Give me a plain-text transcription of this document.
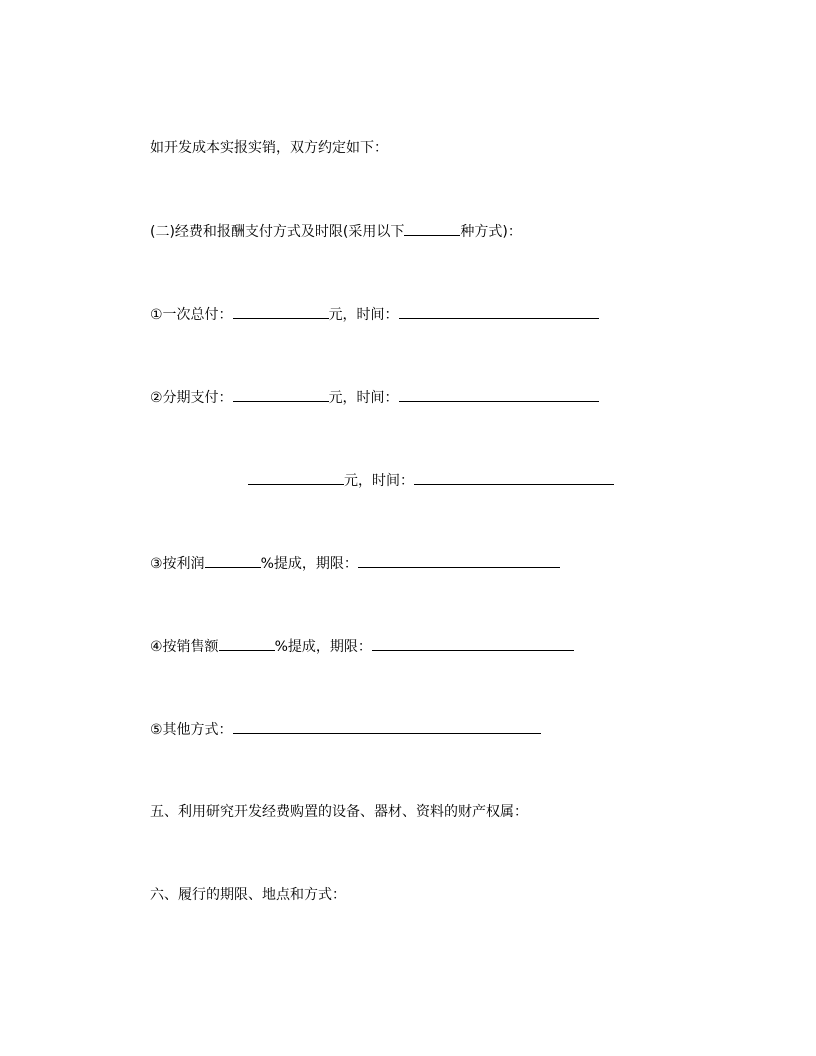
如开发成本实报实销，双方约定如下：
(二)经费和报酬支付方式及时限(采用以下	种方式)：
①一次总付：	元，时间：
②分期支付：	元，时间：
元，时间：
③按利润	%提成，期限：
④按销售额	%提成，期限：
⑤其他方式：
五、利用研究开发经费购置的设备、器材、资料的财产权属：
六、履行的期限、地点和方式：
